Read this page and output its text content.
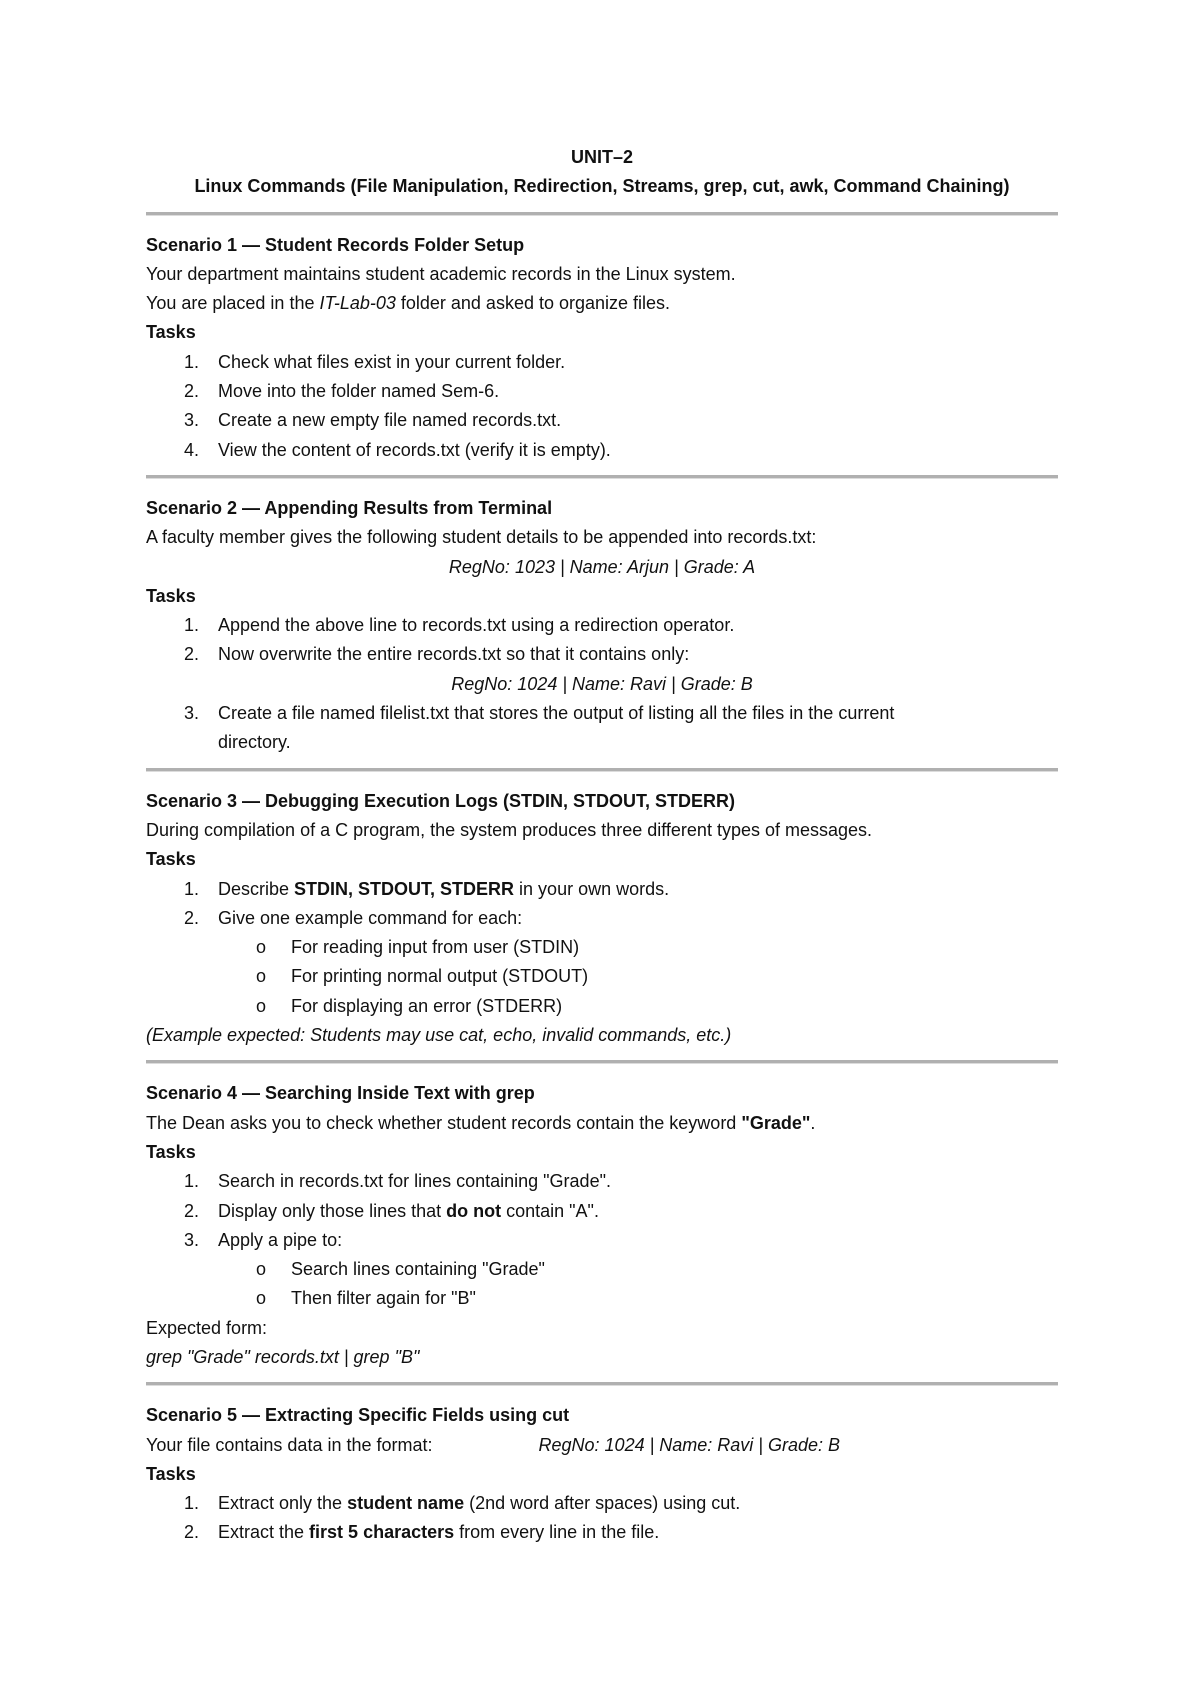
UNIT–2
Linux Commands (File Manipulation, Redirection, Streams, grep, cut, awk, Command Chaining)
Scenario 1 — Student Records Folder Setup
Your department maintains student academic records in the Linux system.
You are placed in the IT-Lab-03 folder and asked to organize files.
Tasks
1. Check what files exist in your current folder.
2. Move into the folder named Sem-6.
3. Create a new empty file named records.txt.
4. View the content of records.txt (verify it is empty).
Scenario 2 — Appending Results from Terminal
A faculty member gives the following student details to be appended into records.txt:
RegNo: 1023 | Name: Arjun | Grade: A
Tasks
1. Append the above line to records.txt using a redirection operator.
2. Now overwrite the entire records.txt so that it contains only:
RegNo: 1024 | Name: Ravi | Grade: B
3. Create a file named filelist.txt that stores the output of listing all the files in the current
directory.
Scenario 3 — Debugging Execution Logs (STDIN, STDOUT, STDERR)
During compilation of a C program, the system produces three different types of messages.
Tasks
1. Describe STDIN, STDOUT, STDERR in your own words.
2. Give one example command for each:
o For reading input from user (STDIN)
o For printing normal output (STDOUT)
o For displaying an error (STDERR)
(Example expected: Students may use cat, echo, invalid commands, etc.)
Scenario 4 — Searching Inside Text with grep
The Dean asks you to check whether student records contain the keyword "Grade".
Tasks
1. Search in records.txt for lines containing "Grade".
2. Display only those lines that do not contain "A".
3. Apply a pipe to:
o Search lines containing "Grade"
o Then filter again for "B"
Expected form:
grep "Grade" records.txt | grep "B"
Scenario 5 — Extracting Specific Fields using cut
Your file contains data in the format:	RegNo: 1024 | Name: Ravi | Grade: B
Tasks
1. Extract only the student name (2nd word after spaces) using cut.
2. Extract the first 5 characters from every line in the file.
